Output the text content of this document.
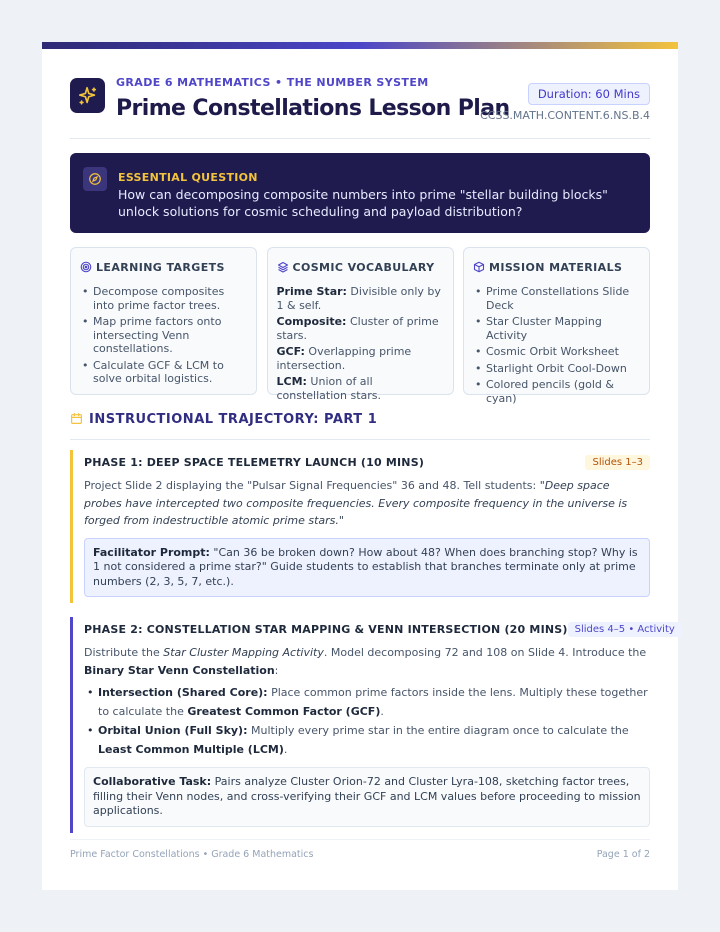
GRADE 6 MATHEMATICS • THE NUMBER SYSTEM
Prime Constellations Lesson Plan
Duration: 60 Mins
CCSS.MATH.CONTENT.6.NS.B.4
ESSENTIAL QUESTION
How can decomposing composite numbers into prime "stellar building blocks" unlock solutions for cosmic scheduling and payload distribution?
LEARNING TARGETS
• Decompose composites into prime factor trees.
• Map prime factors onto intersecting Venn constellations.
• Calculate GCF & LCM to solve orbital logistics.
COSMIC VOCABULARY

Prime Star: Divisible only by 1 & self.

Composite: Cluster of prime stars.

GCF: Overlapping prime intersection.

LCM: Union of all constellation stars.

MISSION MATERIALS
• Prime Constellations Slide Deck
• Star Cluster Mapping Activity
• Cosmic Orbit Worksheet
• Starlight Orbit Cool-Down
• Colored pencils (gold & cyan)
INSTRUCTIONAL TRAJECTORY: PART 1
PHASE 1: DEEP SPACE TELEMETRY LAUNCH (10 MINS)	Slides 1–3

Project Slide 2 displaying the "Pulsar Signal Frequencies" 36 and 48. Tell students: "Deep space probes have intercepted two composite frequencies. Every composite frequency in the universe is forged from indestructible atomic prime stars."

Facilitator Prompt: "Can 36 be broken down? How about 48? When does branching stop? Why is 1 not considered a prime star?" Guide students to establish that branches terminate only at prime numbers (2, 3, 5, 7, etc.).
PHASE 2: CONSTELLATION STAR MAPPING & VENN INTERSECTION (20 MINS) Slides 4–5 • Activity

Distribute the Star Cluster Mapping Activity. Model decomposing 72 and 108 on Slide 4. Introduce the Binary Star Venn Constellation:

• Intersection (Shared Core): Place common prime factors inside the lens. Multiply these together to calculate the Greatest Common Factor (GCF).
• Orbital Union (Full Sky): Multiply every prime star in the entire diagram once to calculate the Least Common Multiple (LCM).
Collaborative Task: Pairs analyze Cluster Orion-72 and Cluster Lyra-108, sketching factor trees, filling their Venn nodes, and cross-verifying their GCF and LCM values before proceeding to mission applications.
Prime Factor Constellations • Grade 6 Mathematics	Page 1 of 2
